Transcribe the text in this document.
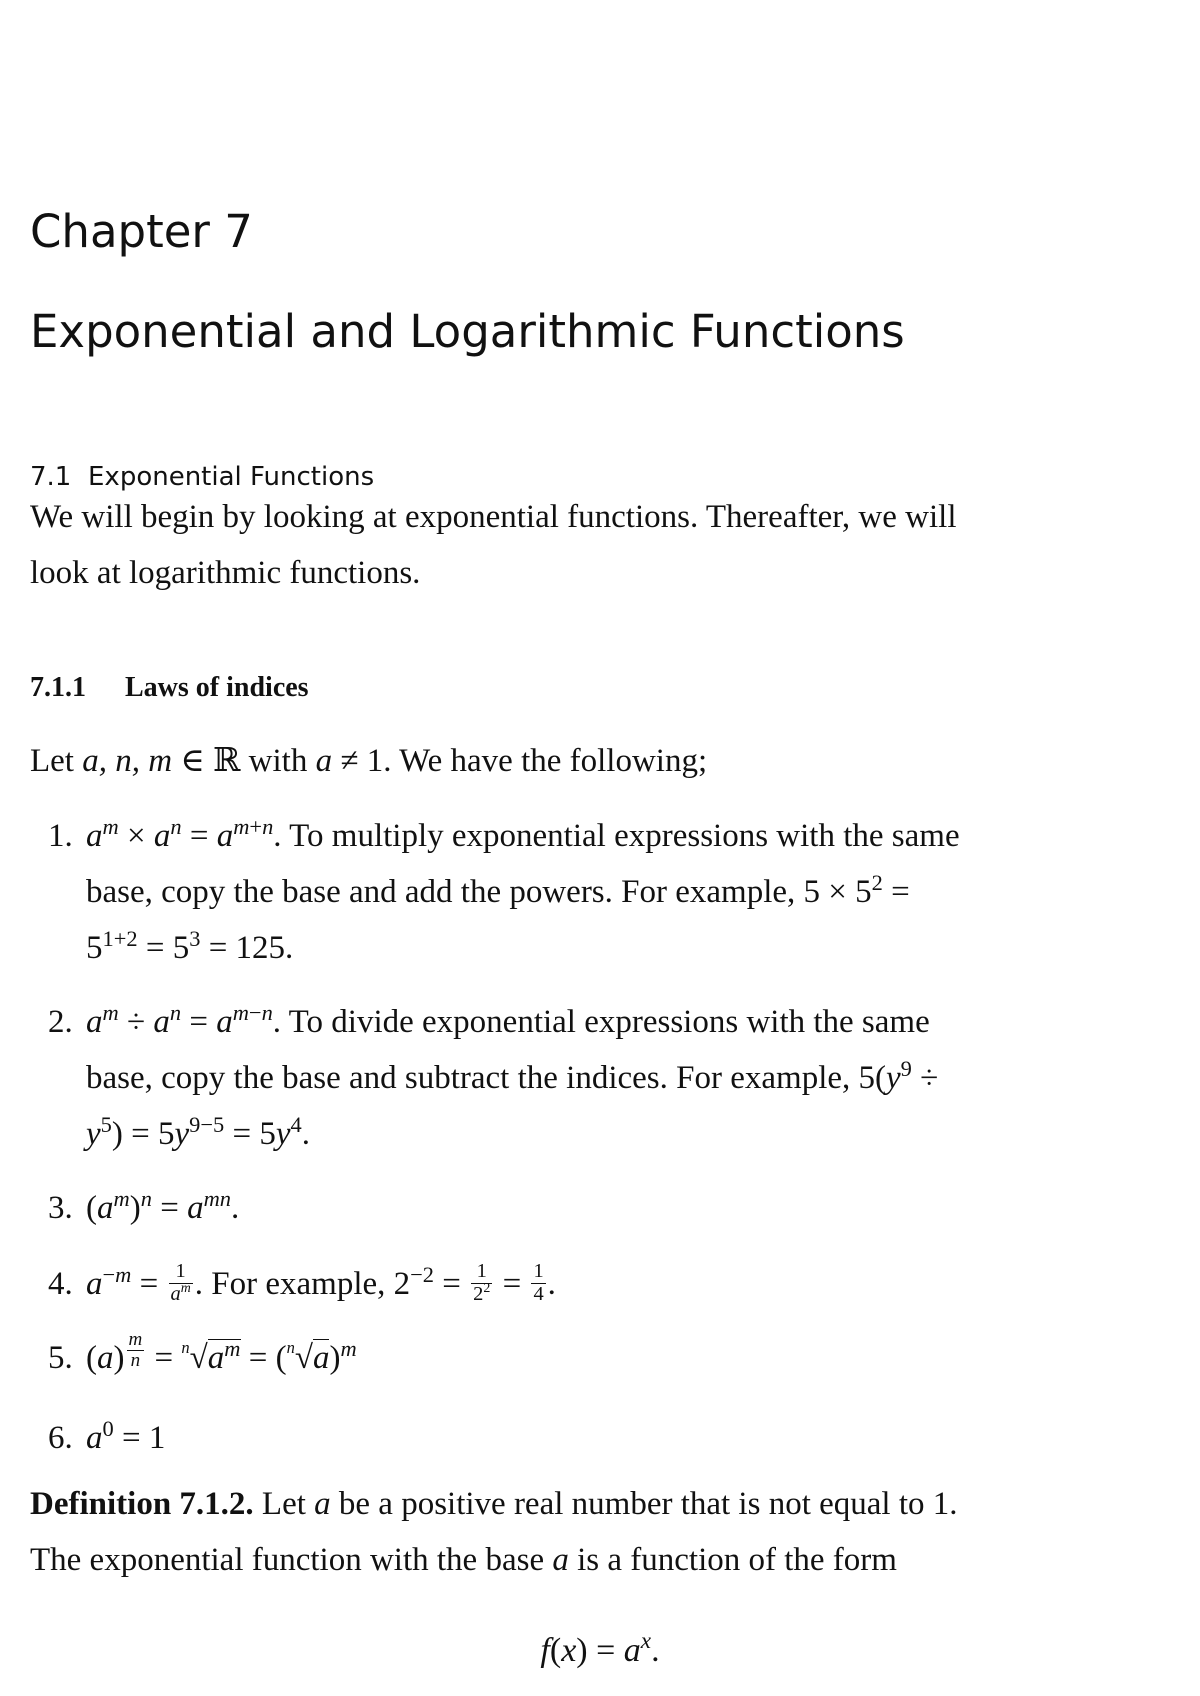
Chapter 7
Exponential and Logarithmic Functions
7.1 Exponential Functions
We will begin by looking at exponential functions. Thereafter, we will
look at logarithmic functions.
7.1.1 Laws of indices
Let a, n, m ∈ ℝ with a ≠ 1. We have the following;
1. $a^m \times a^n = a^{m+n}$. To multiply exponential expressions with the same
base, copy the base and add the powers. For example, $5 \times 5^2$ =
$5^{1+2} = 5^3 = 125$.
2. $a^m \div a^n = a^{m-n}$. To divide exponential expressions with the same
base, copy the base and subtract the indices. For example, $5(y^9$ ÷
$y^5) = 5y^{9-5} = 5y^4$.
3. $(a^m)^n = a^{mn}$.
4. $a^{-m} = \frac{1}{a^m}$ . For example, $2^{-2} = \frac{1}{2^2} = \frac{1}{4}$ .
5. (a) $^{\frac{m}{n}} = ^n√a^m = (^n√a)^m$
6. $a^0 = 1$
Definition 7.1.2. Let a be a positive real number that is not equal to 1.
The exponential function with the base a is a function of the form
$f(x) = a^x$.
